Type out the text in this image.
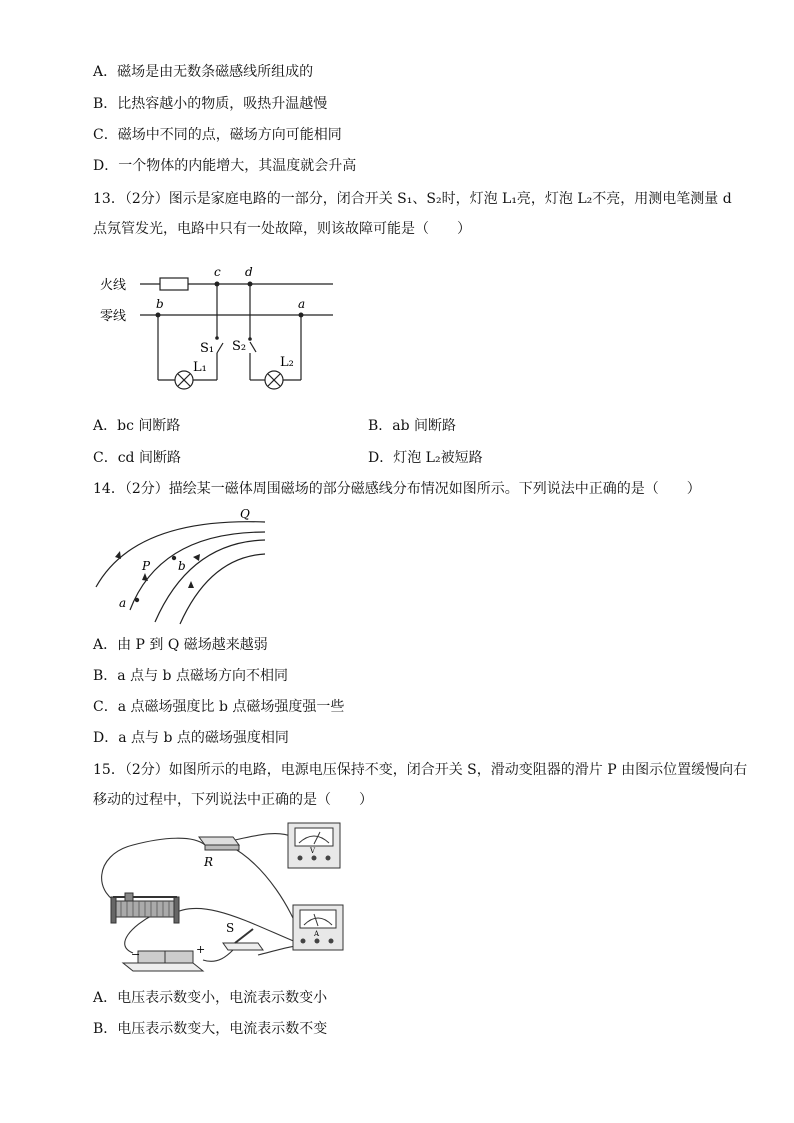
A．磁场是由无数条磁感线所组成的
B．比热容越小的物质，吸热升温越慢
C．磁场中不同的点，磁场方向可能相同
D．一个物体的内能增大，其温度就会升高
13．（2分）图示是家庭电路的一部分，闭合开关 S₁、S₂时，灯泡 L₁亮，灯泡 L₂不亮，用测电笔测量 d
点氖管发光，电路中只有一处故障，则该故障可能是（　　）
火线
零线
c d
b	a
S₁ S₂
L₁	L₂
A．bc 间断路	B．ab 间断路
C．cd 间断路	D．灯泡 L₂被短路
14．（2分）描绘某一磁体周围磁场的部分磁感线分布情况如图所示。下列说法中正确的是（　　）
Q
P b
a
A．由 P 到 Q 磁场越来越弱
B．a 点与 b 点磁场方向不相同
C．a 点磁场强度比 b 点磁场强度强一些
D．a 点与 b 点的磁场强度相同
15．（2分）如图所示的电路，电源电压保持不变，闭合开关 S，滑动变阻器的滑片 P 由图示位置缓慢向右
移动的过程中，下列说法中正确的是（　　）
V
R
−	+
S	A
A．电压表示数变小，电流表示数变小
B．电压表示数变大，电流表示数不变
